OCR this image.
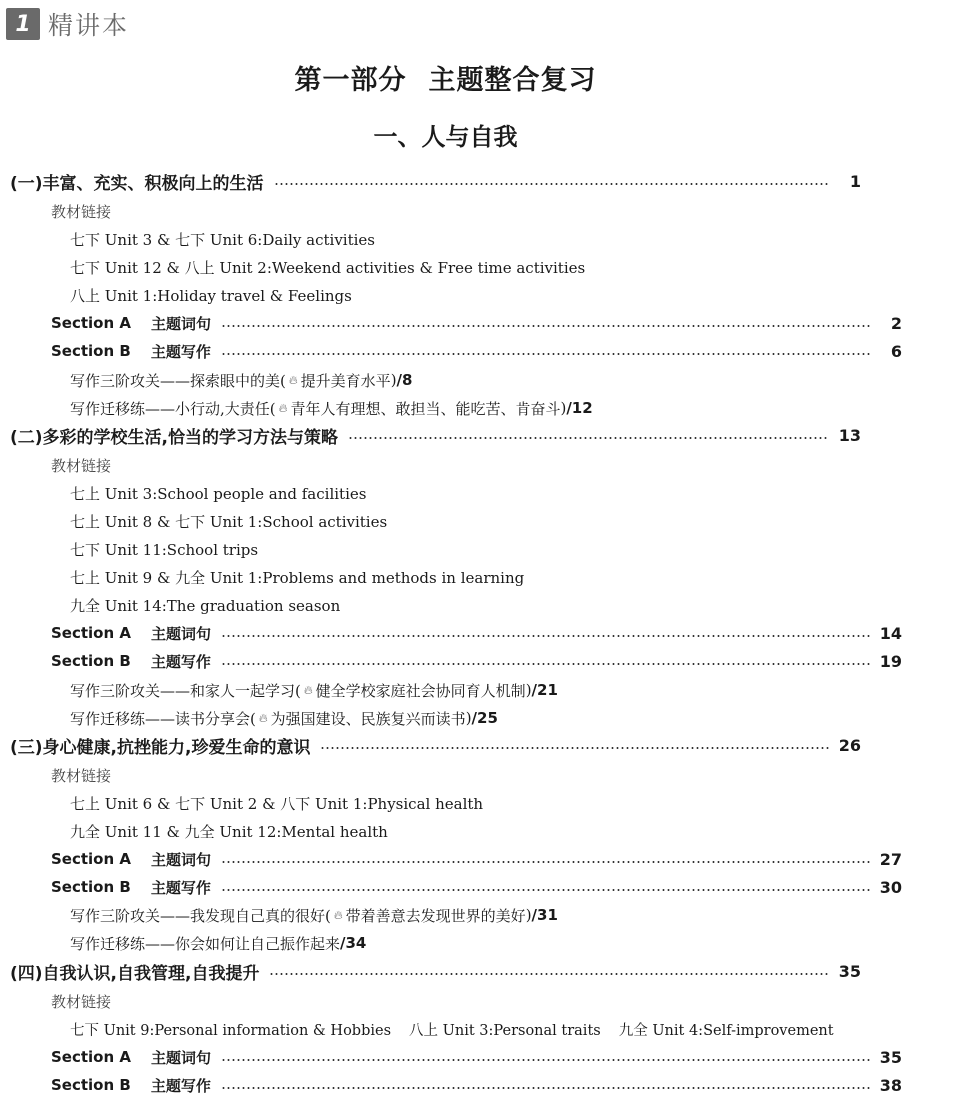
1 精讲本
第一部分 主题整合复习
一、人与自我
(一) 丰富、充实、积极向上的生活	1
教材链接
七下 Unit 3 & 七下 Unit 6:Daily activities
七下 Unit 12 & 八上 Unit 2:Weekend activities & Free time activities
八上 Unit 1:Holiday travel & Feelings
Section A 主题词句	2
Section B 主题写作	6
写作三阶攻关——探索眼中的美( 🔥︎ 提升美育水平 ) /8
写作迁移练——小行动,大责任( 🔥︎ 青年人有理想、敢担当、能吃苦、肯奋斗 ) /12
(二) 多彩的学校生活,恰当的学习方法与策略	13
教材链接
七上 Unit 3:School people and facilities
七上 Unit 8 & 七下 Unit 1:School activities
七下 Unit 11:School trips
七上 Unit 9 & 九全 Unit 1:Problems and methods in learning
九全 Unit 14:The graduation season
Section A 主题词句	14
Section B 主题写作	19
写作三阶攻关——和家人一起学习( 🔥︎ 健全学校家庭社会协同育人机制 ) /21
写作迁移练——读书分享会( 🔥︎ 为强国建设、民族复兴而读书 ) /25
(三) 身心健康,抗挫能力,珍爱生命的意识	26
教材链接
七上 Unit 6 & 七下 Unit 2 & 八下 Unit 1:Physical health
九全 Unit 11 & 九全 Unit 12:Mental health
Section A 主题词句	27
Section B 主题写作	30
写作三阶攻关——我发现自己真的很好( 🔥︎ 带着善意去发现世界的美好 ) /31
写作迁移练——你会如何让自己振作起来 /34
(四) 自我认识,自我管理,自我提升	35
教材链接
七下 Unit 9:Personal information & Hobbies 八上 Unit 3:Personal traits 九全 Unit 4:Self-improvement
Section A 主题词句	35
Section B 主题写作	38
